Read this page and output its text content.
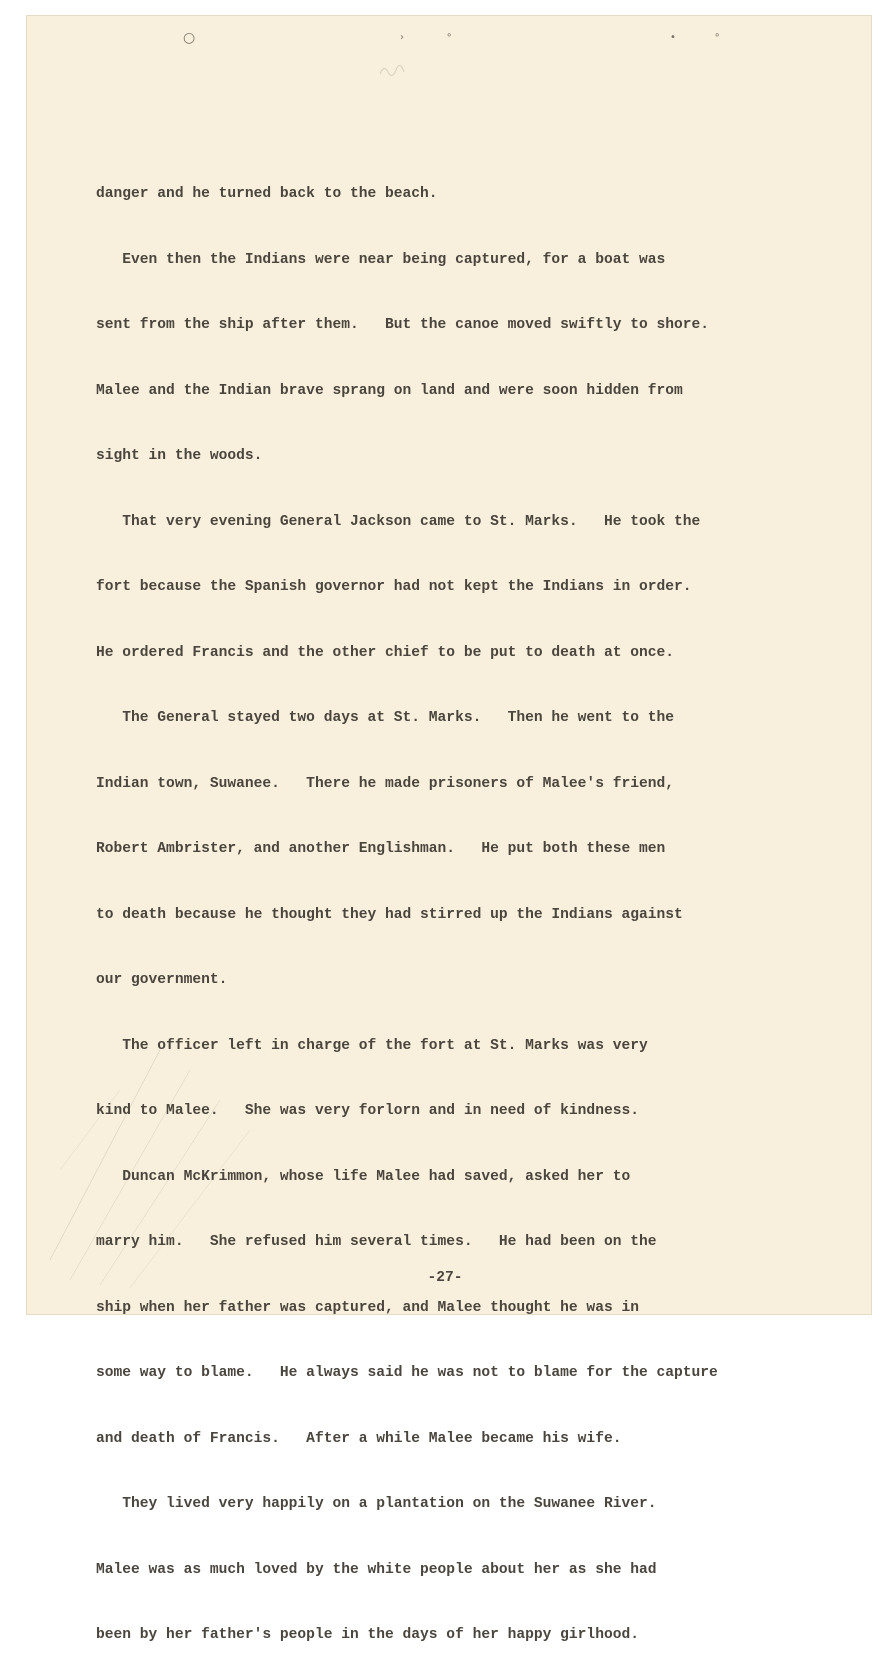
○	›	∘	•	∘

danger and he turned back to the beach.

Even then the Indians were near being captured, for a boat was

sent from the ship after them.   But the canoe moved swiftly to shore.

Malee and the Indian brave sprang on land and were soon hidden from

sight in the woods.

That very evening General Jackson came to St. Marks.   He took the

fort because the Spanish governor had not kept the Indians in order.

He ordered Francis and the other chief to be put to death at once.

The General stayed two days at St. Marks.   Then he went to the

Indian town, Suwanee.   There he made prisoners of Malee's friend,

Robert Ambrister, and another Englishman.   He put both these men

to death because he thought they had stirred up the Indians against

our government.

The officer left in charge of the fort at St. Marks was very

kind to Malee.   She was very forlorn and in need of kindness.

Duncan McKrimmon, whose life Malee had saved, asked her to

marry him.   She refused him several times.   He had been on the

ship when her father was captured, and Malee thought he was in

some way to blame.   He always said he was not to blame for the capture

and death of Francis.   After a while Malee became his wife.

They lived very happily on a plantation on the Suwanee River.

Malee was as much loved by the white people about her as she had

been by her father's people in the days of her happy girlhood.

-27-
